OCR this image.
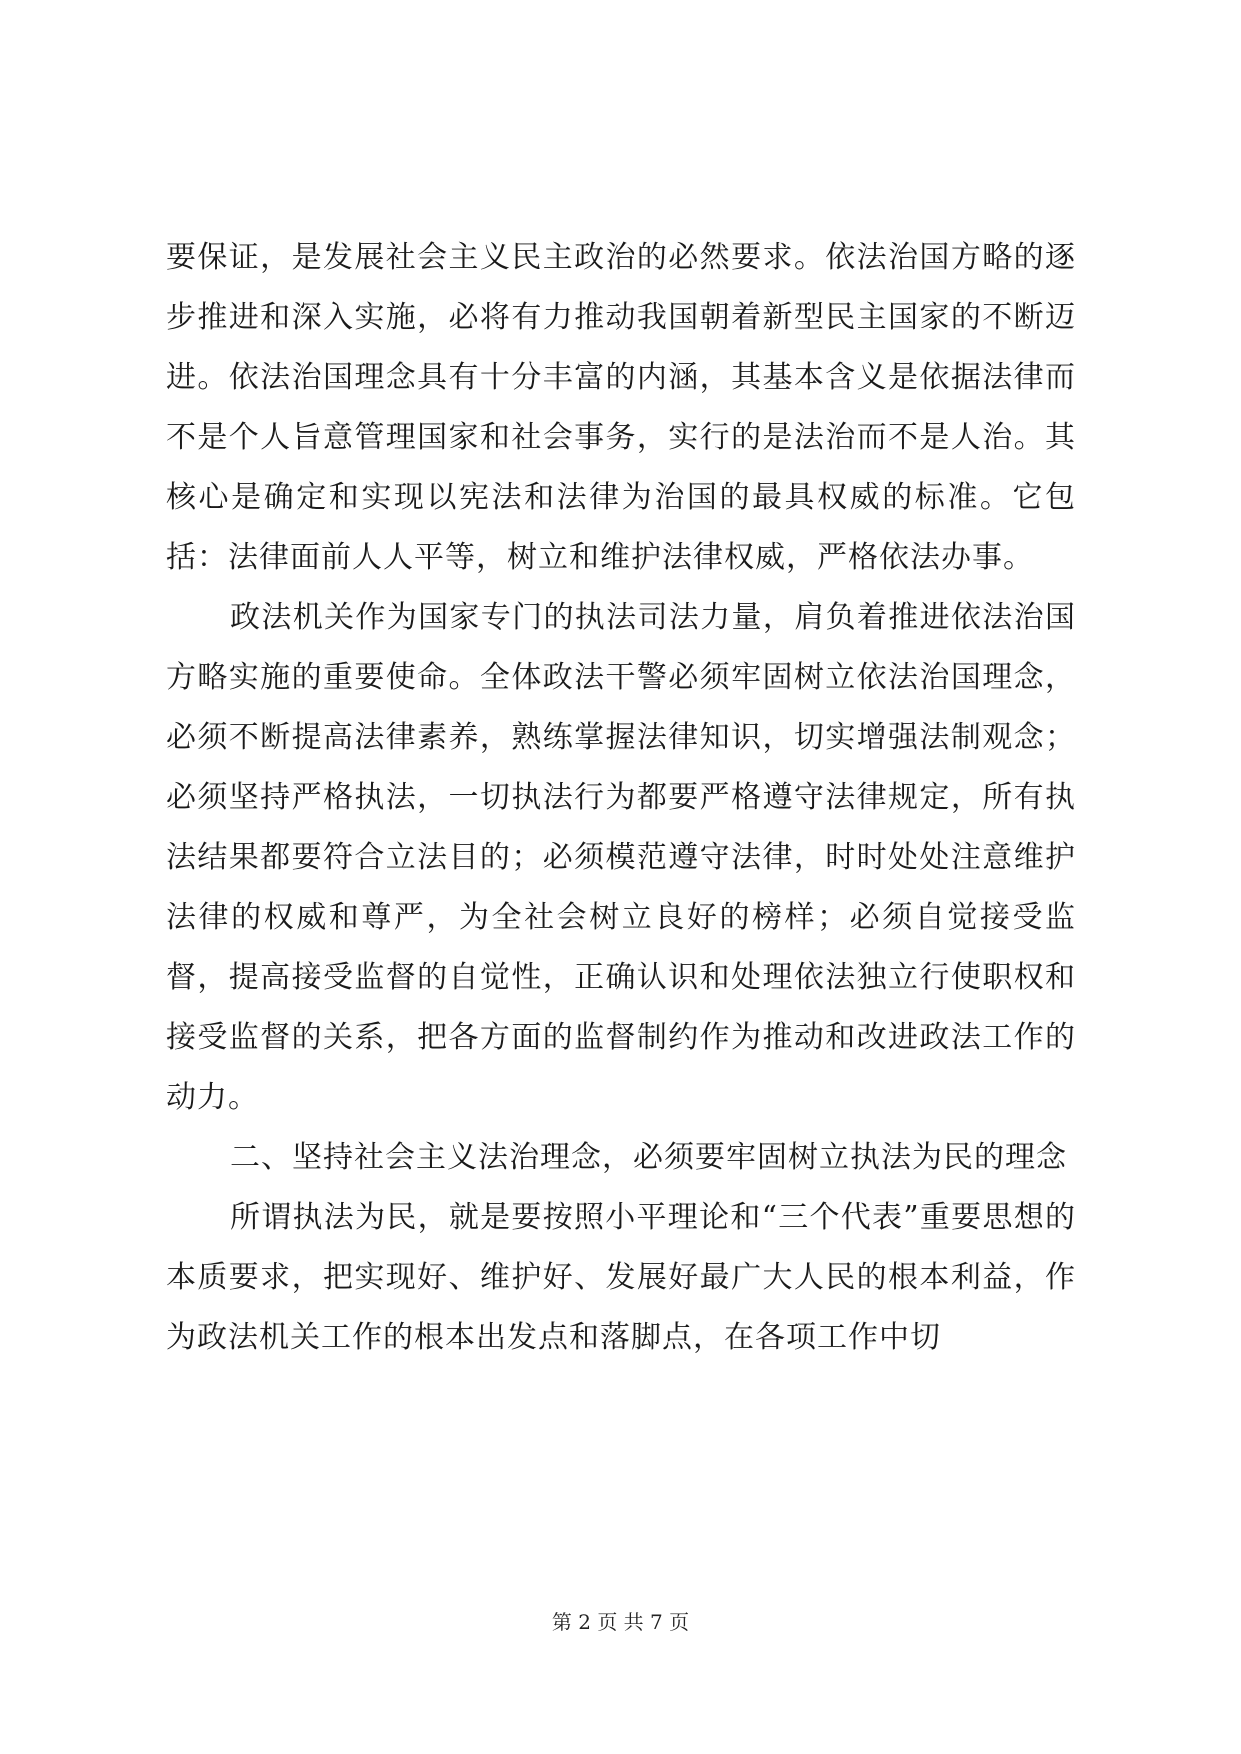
要保证，是发展社会主义民主政治的必然要求。依法治国方略的逐步推进和深入实施，必将有力推动我国朝着新型民主国家的不断迈进。依法治国理念具有十分丰富的内涵，其基本含义是依据法律而不是个人旨意管理国家和社会事务，实行的是法治而不是人治。其核心是确定和实现以宪法和法律为治国的最具权威的标准。它包括：法律面前人人平等，树立和维护法律权威，严格依法办事。

政法机关作为国家专门的执法司法力量，肩负着推进依法治国方略实施的重要使命。全体政法干警必须牢固树立依法治国理念，必须不断提高法律素养，熟练掌握法律知识，切实增强法制观念；必须坚持严格执法，一切执法行为都要严格遵守法律规定，所有执法结果都要符合立法目的；必须模范遵守法律，时时处处注意维护法律的权威和尊严，为全社会树立良好的榜样；必须自觉接受监督，提高接受监督的自觉性，正确认识和处理依法独立行使职权和接受监督的关系，把各方面的监督制约作为推动和改进政法工作的动力。

二、坚持社会主义法治理念，必须要牢固树立执法为民的理念

所谓执法为民，就是要按照小平理论和“三个代表”重要思想的本质要求，把实现好、维护好、发展好最广大人民的根本利益，作为政法机关工作的根本出发点和落脚点，在各项工作中切

第 2 页 共 7 页
